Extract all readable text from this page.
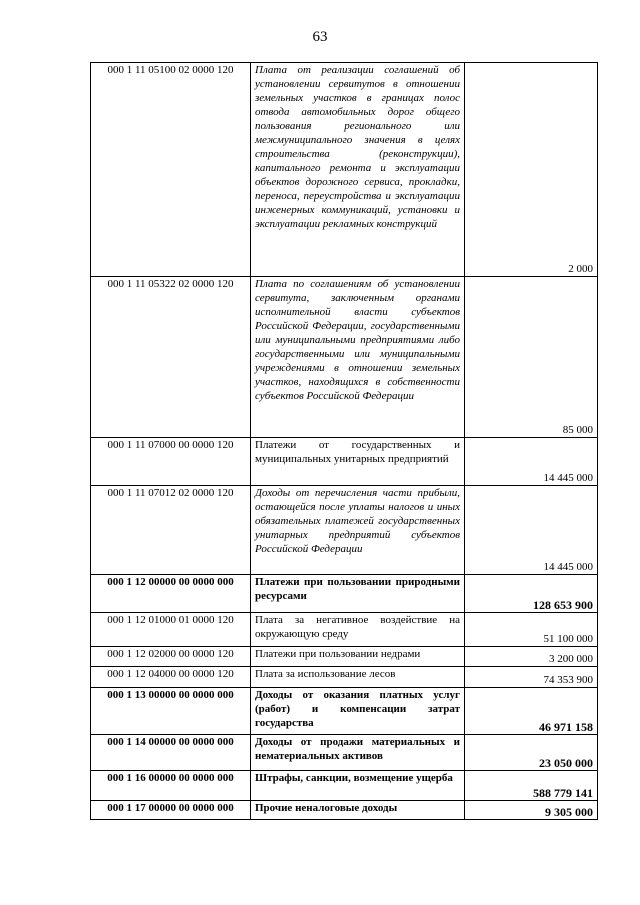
63
000 1 11 05100 02 0000 120	Плата от реализации соглашений об установлении сервитутов в отношении земельных участков в границах полос отвода автомобильных дорог общего пользования регионального или межмуниципального значения в целях строительства (реконструкции), капитального ремонта и эксплуатации объектов дорожного сервиса, прокладки, переноса, переустройства и эксплуатации инженерных коммуникаций, установки и эксплуатации рекламных конструкций	2 000
000 1 11 05322 02 0000 120	Плата по соглашениям об установлении сервитута, заключенным органами исполнительной власти субъектов Российской Федерации, государственными или муниципальными предприятиями либо государственными или муниципальными учреждениями в отношении земельных участков, находящихся в собственности субъектов Российской Федерации	85 000
000 1 11 07000 00 0000 120	Платежи от государственных и муниципальных унитарных предприятий	14 445 000
000 1 11 07012 02 0000 120	Доходы от перечисления части прибыли, остающейся после уплаты налогов и иных обязательных платежей государственных унитарных предприятий субъектов Российской Федерации	14 445 000
000 1 12 00000 00 0000 000	Платежи при пользовании природными ресурсами	128 653 900
000 1 12 01000 01 0000 120	Плата за негативное воздействие на окружающую среду	51 100 000
000 1 12 02000 00 0000 120	Платежи при пользовании недрами	3 200 000
000 1 12 04000 00 0000 120	Плата за использование лесов	74 353 900
000 1 13 00000 00 0000 000	Доходы от оказания платных услуг (работ) и компенсации затрат государства	46 971 158
000 1 14 00000 00 0000 000	Доходы от продажи материальных и нематериальных активов	23 050 000
000 1 16 00000 00 0000 000	Штрафы, санкции, возмещение ущерба	588 779 141
000 1 17 00000 00 0000 000	Прочие неналоговые доходы	9 305 000
